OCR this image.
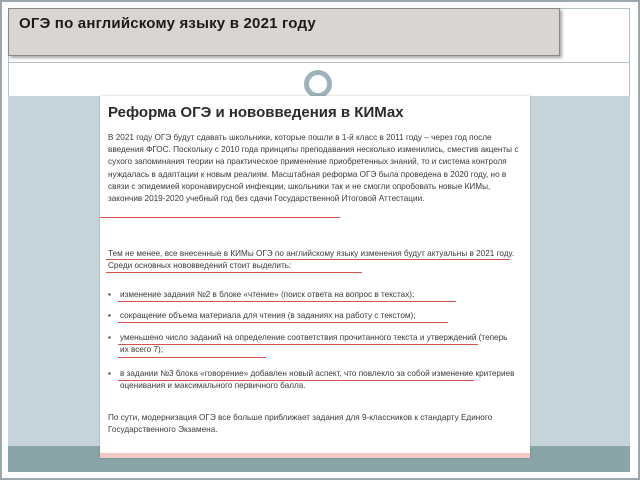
ОГЭ по английскому языку в 2021 году
Реформа ОГЭ и нововведения в КИМах
В 2021 году ОГЭ будут сдавать школьники, которые пошли в 1-й класс в 2011 году – через год после введения ФГОС. Поскольку с 2010 года принципы преподавания несколько изменились, сместив акценты с сухого запоминания теории на практическое применение приобретенных знаний, то и система контроля нуждалась в адаптации к новым реалиям. Масштабная реформа ОГЭ была проведена в 2020 году, но в связи с эпидемией коронавирусной инфекции, школьники так и не смогли опробовать новые КИМы, закончив 2019-2020 учебный год без сдачи Государственной Итоговой Аттестации.
Тем не менее, все внесенные в КИМы ОГЭ по английскому языку изменения будут актуальны в 2021 году. Среди основных нововведений стоит выделить:
▪ изменение задания №2 в блоке «чтение» (поиск ответа на вопрос в текстах);
▪ сокращение объема материала для чтения (в заданиях на работу с текстом);
▪ уменьшено число заданий на определение соответствия прочитанного текста и утверждений (теперь их всего 7);
▪ в задании №3 блока «говорение» добавлен новый аспект, что повлекло за собой изменение критериев оценивания и максимального первичного балла.
По сути, модернизация ОГЭ все больше приближает задания для 9-классников к стандарту Единого Государственного Экзамена.
